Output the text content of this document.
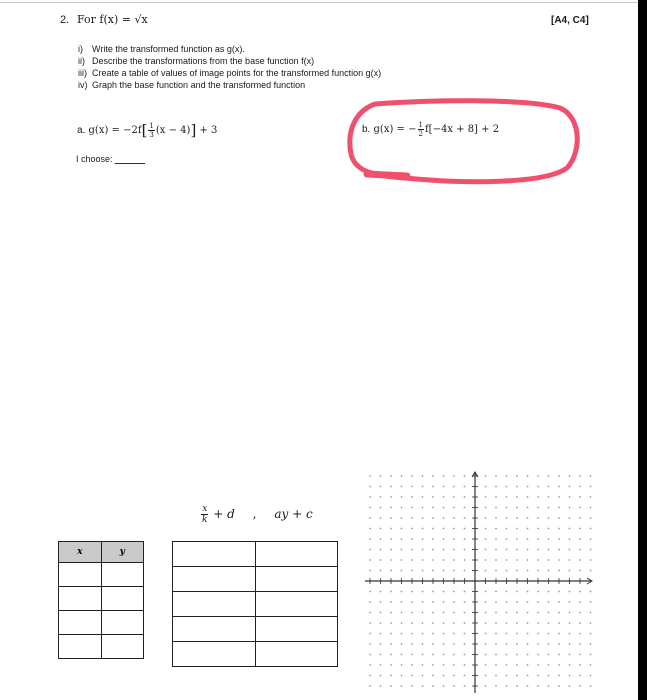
2. For f(x) = √x	[A4, C4]
i) Write the transformed function as g(x).
ii) Describe the transformations from the base function f(x)
iii) Create a table of values of image points for the transformed function g(x)
iv) Graph the base function and the transformed function
a. $g(x) = -2f[ \frac{1}{3} (x - 4)] + 3$
I choose:
b. g(x) = − $\frac{1}{2} f[-4x + 8] + 2$
$\frac{x}{k} + d$ , ay + c
x	y
